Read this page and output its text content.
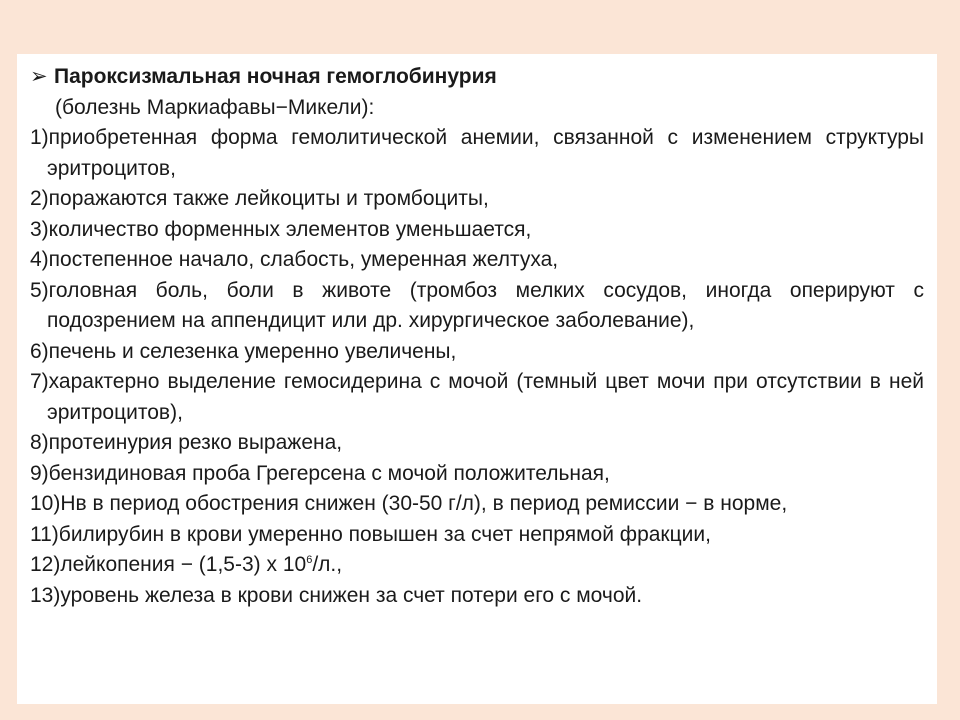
➢ Пароксизмальная ночная гемоглобинурия
(болезнь Маркиафавы−Микели):
1)приобретенная форма гемолитической анемии, связанной с изменением структуры эритроцитов,
2)поражаются также лейкоциты и тромбоциты,
3)количество форменных элементов уменьшается,
4)постепенное начало, слабость, умеренная желтуха,
5)головная боль, боли в животе (тромбоз мелких сосудов, иногда оперируют с подозрением на аппендицит или др. хирургическое заболевание),
6)печень и селезенка умеренно увеличены,
7)характерно выделение гемосидерина с мочой (темный цвет мочи при отсутствии в ней эритроцитов),
8)протеинурия резко выражена,
9)бензидиновая проба Грегерсена с мочой положительная,
10)Нв в период обострения снижен (30-50 г/л), в период ремиссии − в норме,
11)билирубин в крови умеренно повышен за счет непрямой фракции,
12)лейкопения − (1,5-3) х $10^6/л$.,
13)уровень железа в крови снижен за счет потери его с мочой.
